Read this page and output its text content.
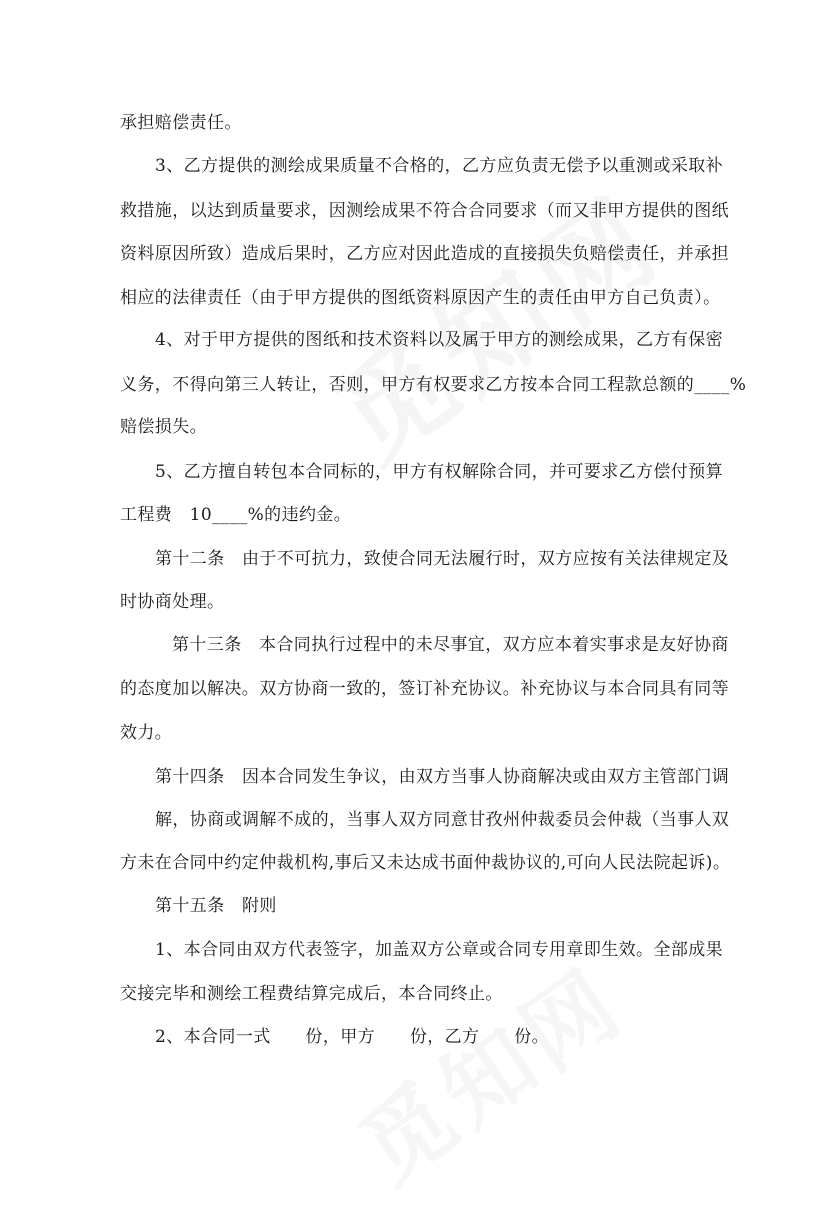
承担赔偿责任。
3、乙方提供的测绘成果质量不合格的，乙方应负责无偿予以重测或采取补
救措施，以达到质量要求，因测绘成果不符合合同要求（而又非甲方提供的图纸
资料原因所致）造成后果时，乙方应对因此造成的直接损失负赔偿责任，并承担
相应的法律责任（由于甲方提供的图纸资料原因产生的责任由甲方自己负责）。
4、对于甲方提供的图纸和技术资料以及属于甲方的测绘成果，乙方有保密
义务，不得向第三人转让，否则，甲方有权要求乙方按本合同工程款总额的____%
赔偿损失。
5、乙方擅自转包本合同标的，甲方有权解除合同，并可要求乙方偿付预算
工程费　10____%的违约金。
第十二条　由于不可抗力，致使合同无法履行时，双方应按有关法律规定及
时协商处理。
第十三条　本合同执行过程中的未尽事宜，双方应本着实事求是友好协商
的态度加以解决。双方协商一致的，签订补充协议。补充协议与本合同具有同等
效力。
第十四条　因本合同发生争议，由双方当事人协商解决或由双方主管部门调
解，协商或调解不成的，当事人双方同意甘孜州仲裁委员会仲裁（当事人双
方未在合同中约定仲裁机构,事后又未达成书面仲裁协议的,可向人民法院起诉)。
第十五条　附则
1、本合同由双方代表签字，加盖双方公章或合同专用章即生效。全部成果
交接完毕和测绘工程费结算完成后，本合同终止。
2、本合同一式　　份，甲方　　份，乙方　　份。
